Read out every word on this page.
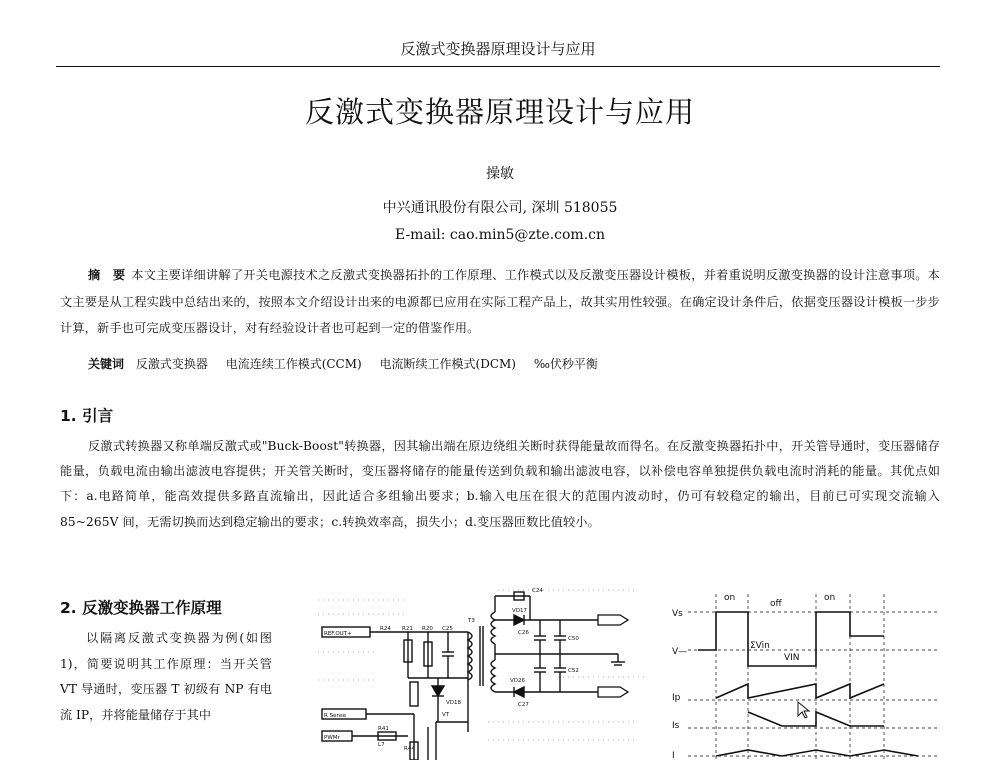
反激式变换器原理设计与应用
反激式变换器原理设计与应用
操敏
中兴通讯股份有限公司, 深圳 518055
E-mail: cao.min5@zte.com.cn
摘　要 本文主要详细讲解了开关电源技术之反激式变换器拓扑的工作原理、工作模式以及反激变压器设计模板，并着重说明反激变换器的设计注意事项。本文主要是从工程实践中总结出来的，按照本文介绍设计出来的电源都已应用在实际工程产品上，故其实用性较强。在确定设计条件后，依据变压器设计模板一步步计算，新手也可完成变压器设计，对有经验设计者也可起到一定的借鉴作用。
关键词 反激式变换器 电流连续工作模式(CCM) 电流断续工作模式(DCM) ‰伏秒平衡
1. 引言
反激式转换器又称单端反激式或"Buck-Boost"转换器，因其输出端在原边绕组关断时获得能量故而得名。在反激变换器拓扑中，开关管导通时，变压器储存能量，负载电流由输出滤波电容提供；开关管关断时，变压器将储存的能量传送到负载和输出滤波电容，以补偿电容单独提供负载电流时消耗的能量。其优点如下：a.电路简单，能高效提供多路直流输出，因此适合多组输出要求；b.输入电压在很大的范围内波动时，仍可有较稳定的输出，目前已可实现交流输入 85~265V 间，无需切换而达到稳定输出的要求；c.转换效率高，损失小；d.变压器匝数比值较小。
2. 反激变换器工作原理
以隔离反激式变换器为例(如图 1)，简要说明其工作原理：当开关管 VT 导通时，变压器 T 初级有 NP 有电流 IP，并将能量储存于其中
REF.OUT+
R24 R21 R20 C25
T3
C24
VD17
C26
C50
VD26
C27
C52
VD18
VT
R Sense
PWMr
R41
L7
R44
on
off
on
Vs
V—
ΣVin
VIN
Ip
Is
I
